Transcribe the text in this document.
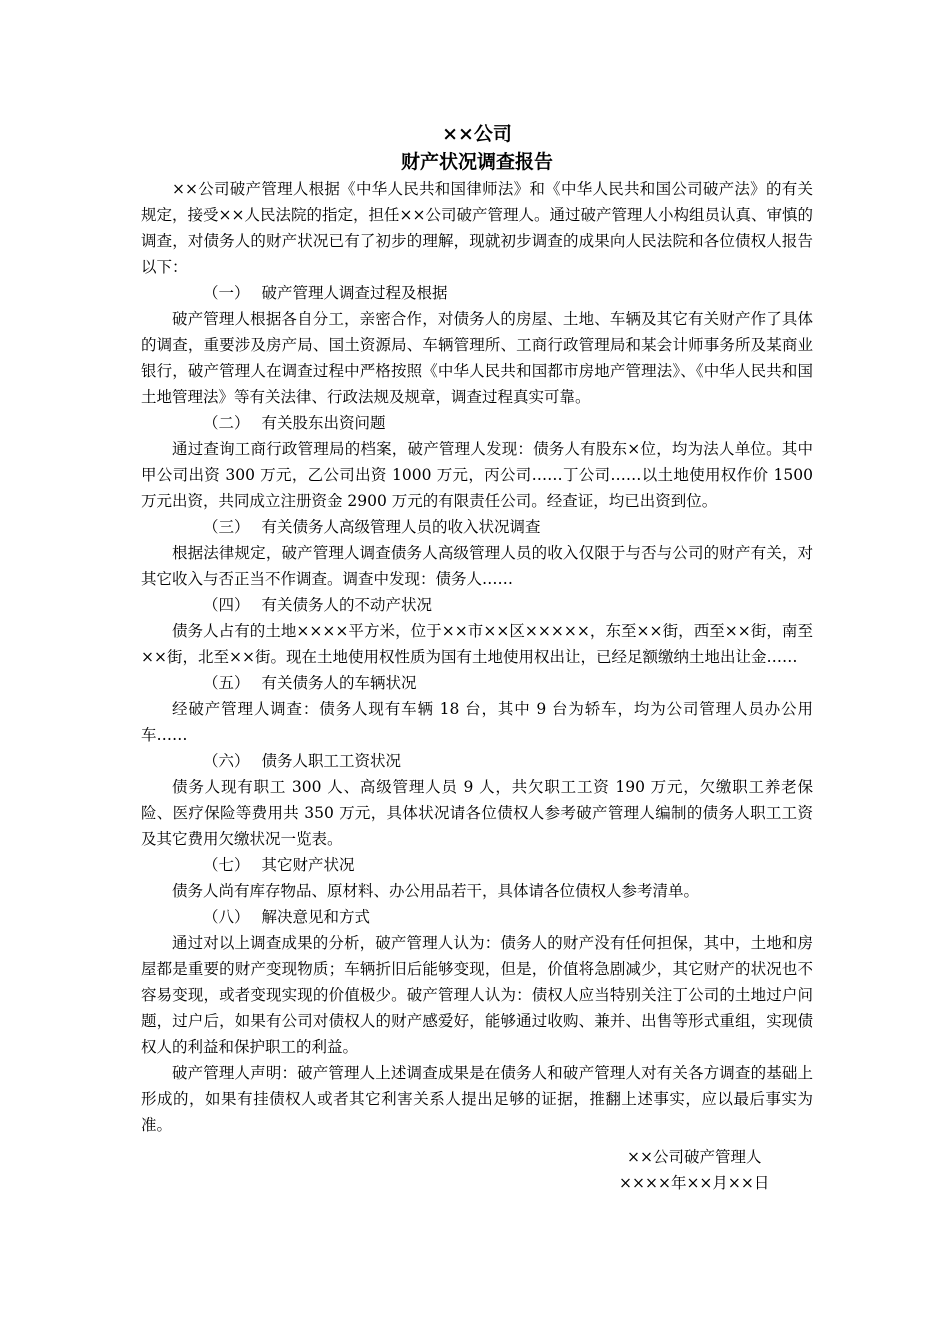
××公司
财产状况调查报告

××公司破产管理人根据《中华人民共和国律师法》和《中华人民共和国公司破产法》的有关规定，接受××人民法院的指定，担任××公司破产管理人。通过破产管理人小构组员认真、审慎的调查，对债务人的财产状况已有了初步的理解，现就初步调查的成果向人民法院和各位债权人报告以下：

（一） 破产管理人调查过程及根据

破产管理人根据各自分工，亲密合作，对债务人的房屋、土地、车辆及其它有关财产作了具体的调查，重要涉及房产局、国土资源局、车辆管理所、工商行政管理局和某会计师事务所及某商业银行，破产管理人在调查过程中严格按照《中华人民共和国都市房地产管理法》、《中华人民共和国土地管理法》等有关法律、行政法规及规章，调查过程真实可靠。

（二） 有关股东出资问题

通过查询工商行政管理局的档案，破产管理人发现：债务人有股东×位，均为法人单位。其中甲公司出资 300 万元，乙公司出资 1000 万元，丙公司……丁公司……以土地使用权作价 1500 万元出资，共同成立注册资金 2900 万元的有限责任公司。经查证，均已出资到位。

（三） 有关债务人高级管理人员的收入状况调查

根据法律规定，破产管理人调查债务人高级管理人员的收入仅限于与否与公司的财产有关，对其它收入与否正当不作调查。调查中发现：债务人……

（四） 有关债务人的不动产状况

债务人占有的土地××××平方米，位于××市××区×××××，东至××街，西至××街，南至××街，北至××街。现在土地使用权性质为国有土地使用权出让，已经足额缴纳土地出让金……

（五） 有关债务人的车辆状况

经破产管理人调查：债务人现有车辆 18 台，其中 9 台为轿车，均为公司管理人员办公用车……

（六） 债务人职工工资状况

债务人现有职工 300 人、高级管理人员 9 人，共欠职工工资 190 万元，欠缴职工养老保险、医疗保险等费用共 350 万元，具体状况请各位债权人参考破产管理人编制的债务人职工工资及其它费用欠缴状况一览表。

（七） 其它财产状况

债务人尚有库存物品、原材料、办公用品若干，具体请各位债权人参考清单。

（八） 解决意见和方式

通过对以上调查成果的分析，破产管理人认为：债务人的财产没有任何担保，其中，土地和房屋都是重要的财产变现物质；车辆折旧后能够变现，但是，价值将急剧减少，其它财产的状况也不容易变现，或者变现实现的价值极少。破产管理人认为：债权人应当特别关注丁公司的土地过户问题，过户后，如果有公司对债权人的财产感爱好，能够通过收购、兼并、出售等形式重组，实现债权人的利益和保护职工的利益。

破产管理人声明：破产管理人上述调查成果是在债务人和破产管理人对有关各方调查的基础上形成的，如果有挂债权人或者其它利害关系人提出足够的证据，推翻上述事实，应以最后事实为准。

××公司破产管理人
××××年××月××日
